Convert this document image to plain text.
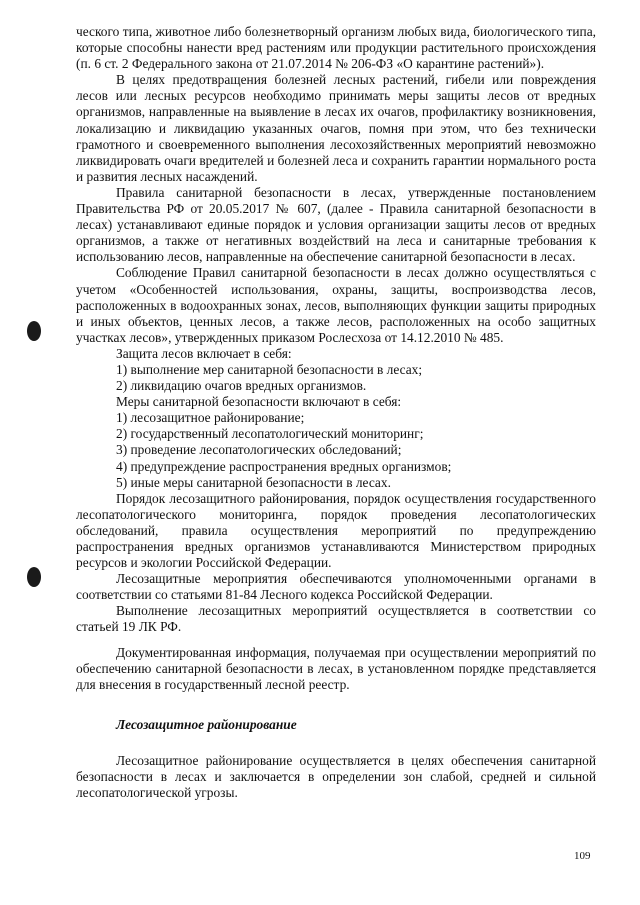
ческого типа, животное либо болезнетворный организм любых вида, биологического типа, которые способны нанести вред растениям или продукции растительного происхождения (п. 6 ст. 2 Федерального закона от 21.07.2014 № 206-ФЗ «О карантине растений»).

В целях предотвращения болезней лесных растений, гибели или повреждения лесов или лесных ресурсов необходимо принимать меры защиты лесов от вредных организмов, направленные на выявление в лесах их очагов, профилактику возникновения, локализацию и ликвидацию указанных очагов, помня при этом, что без технически грамотного и своевременного выполнения лесохозяйственных мероприятий невозможно ликвидировать очаги вредителей и болезней леса и сохранить гарантии нормального роста и развития лесных насаждений.

Правила санитарной безопасности в лесах, утвержденные постановлением Правительства РФ от 20.05.2017 № 607, (далее - Правила санитарной безопасности в лесах) устанавливают единые порядок и условия организации защиты лесов от вредных организмов, а также от негативных воздействий на леса и санитарные требования к использованию лесов, направленные на обеспечение санитарной безопасности в лесах.

Соблюдение Правил санитарной безопасности в лесах должно осуществляться с учетом «Особенностей использования, охраны, защиты, воспроизводства лесов, расположенных в водоохранных зонах, лесов, выполняющих функции защиты природных и иных объектов, ценных лесов, а также лесов, расположенных на особо защитных участках лесов», утвержденных приказом Рослесхоза от 14.12.2010 № 485.

Защита лесов включает в себя:

1) выполнение мер санитарной безопасности в лесах;

2) ликвидацию очагов вредных организмов.

Меры санитарной безопасности включают в себя:

1) лесозащитное районирование;

2) государственный лесопатологический мониторинг;

3) проведение лесопатологических обследований;

4) предупреждение распространения вредных организмов;

5) иные меры санитарной безопасности в лесах.

Порядок лесозащитного районирования, порядок осуществления государственного лесопатологического мониторинга, порядок проведения лесопатологических обследований, правила осуществления мероприятий по предупреждению распространения вредных организмов устанавливаются Министерством природных ресурсов и экологии Российской Федерации.

Лесозащитные мероприятия обеспечиваются уполномоченными органами в соответствии со статьями 81-84 Лесного кодекса Российской Федерации.

Выполнение лесозащитных мероприятий осуществляется в соответствии со статьей 19 ЛК РФ.

Документированная информация, получаемая при осуществлении мероприятий по обеспечению санитарной безопасности в лесах, в установленном порядке представляется для внесения в государственный лесной реестр.

Лесозащитное районирование

Лесозащитное районирование осуществляется в целях обеспечения санитарной безопасности в лесах и заключается в определении зон слабой, средней и сильной лесопатологической угрозы.

109
